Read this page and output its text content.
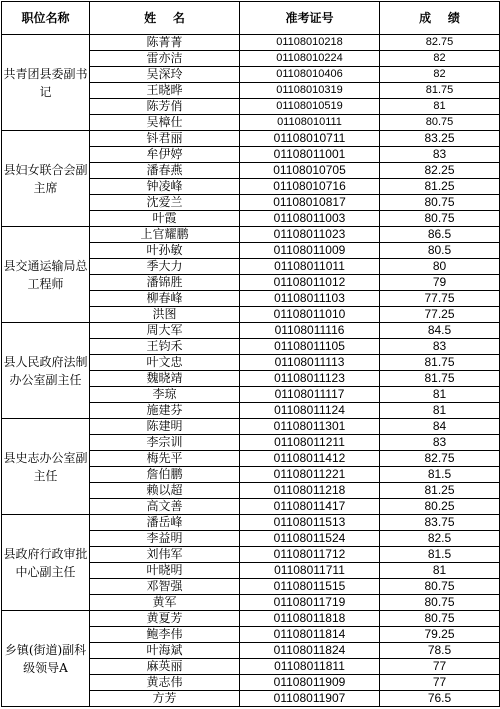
职位名称	姓    名	准考证号	成    绩
共青团县委副书记	陈菁菁	01108010218	82.75
	雷亦洁	01108010224	82
	吴深玲	01108010406	82
	王晓晔	01108010319	81.75
	陈芳俏	01108010519	81
	吴樟仕	01108010111	80.75
县妇女联合会副主席	钭君丽	01108010711	83.25
	牟伊婷	01108011001	83
	潘春燕	01108010705	82.25
	钟凌峰	01108010716	81.25
	沈爱兰	01108010817	80.75
	叶霞	01108011003	80.75
县交通运输局总工程师	上官耀鹏	01108011023	86.5
	叶孙敏	01108011009	80.5
	季大力	01108011011	80
	潘锦胜	01108011012	79
	柳春峰	01108011103	77.75
	洪图	01108011010	77.25
县人民政府法制办公室副主任	周大军	01108011116	84.5
	王钧禾	01108011105	83
	叶文忠	01108011113	81.75
	魏晓靖	01108011123	81.75
	李琼	01108011117	81
	施建芬	01108011124	81
县史志办公室副主任	陈建明	01108011301	84
	李宗训	01108011211	83
	梅先平	01108011412	82.75
	詹伯鹏	01108011221	81.5
	赖以超	01108011218	81.25
	高文善	01108011417	80.25
县政府行政审批中心副主任	潘岳峰	01108011513	83.75
	李益明	01108011524	82.5
	刘伟军	01108011712	81.5
	叶晓明	01108011711	81
	邓智强	01108011515	80.75
	黄军	01108011719	80.75
乡镇(街道)副科级领导A	黄夏芳	01108011818	80.75
	鲍李伟	01108011814	79.25
	叶海斌	01108011824	78.5
	麻英丽	01108011811	77
	黄志伟	01108011909	77
	方芳	01108011907	76.5
